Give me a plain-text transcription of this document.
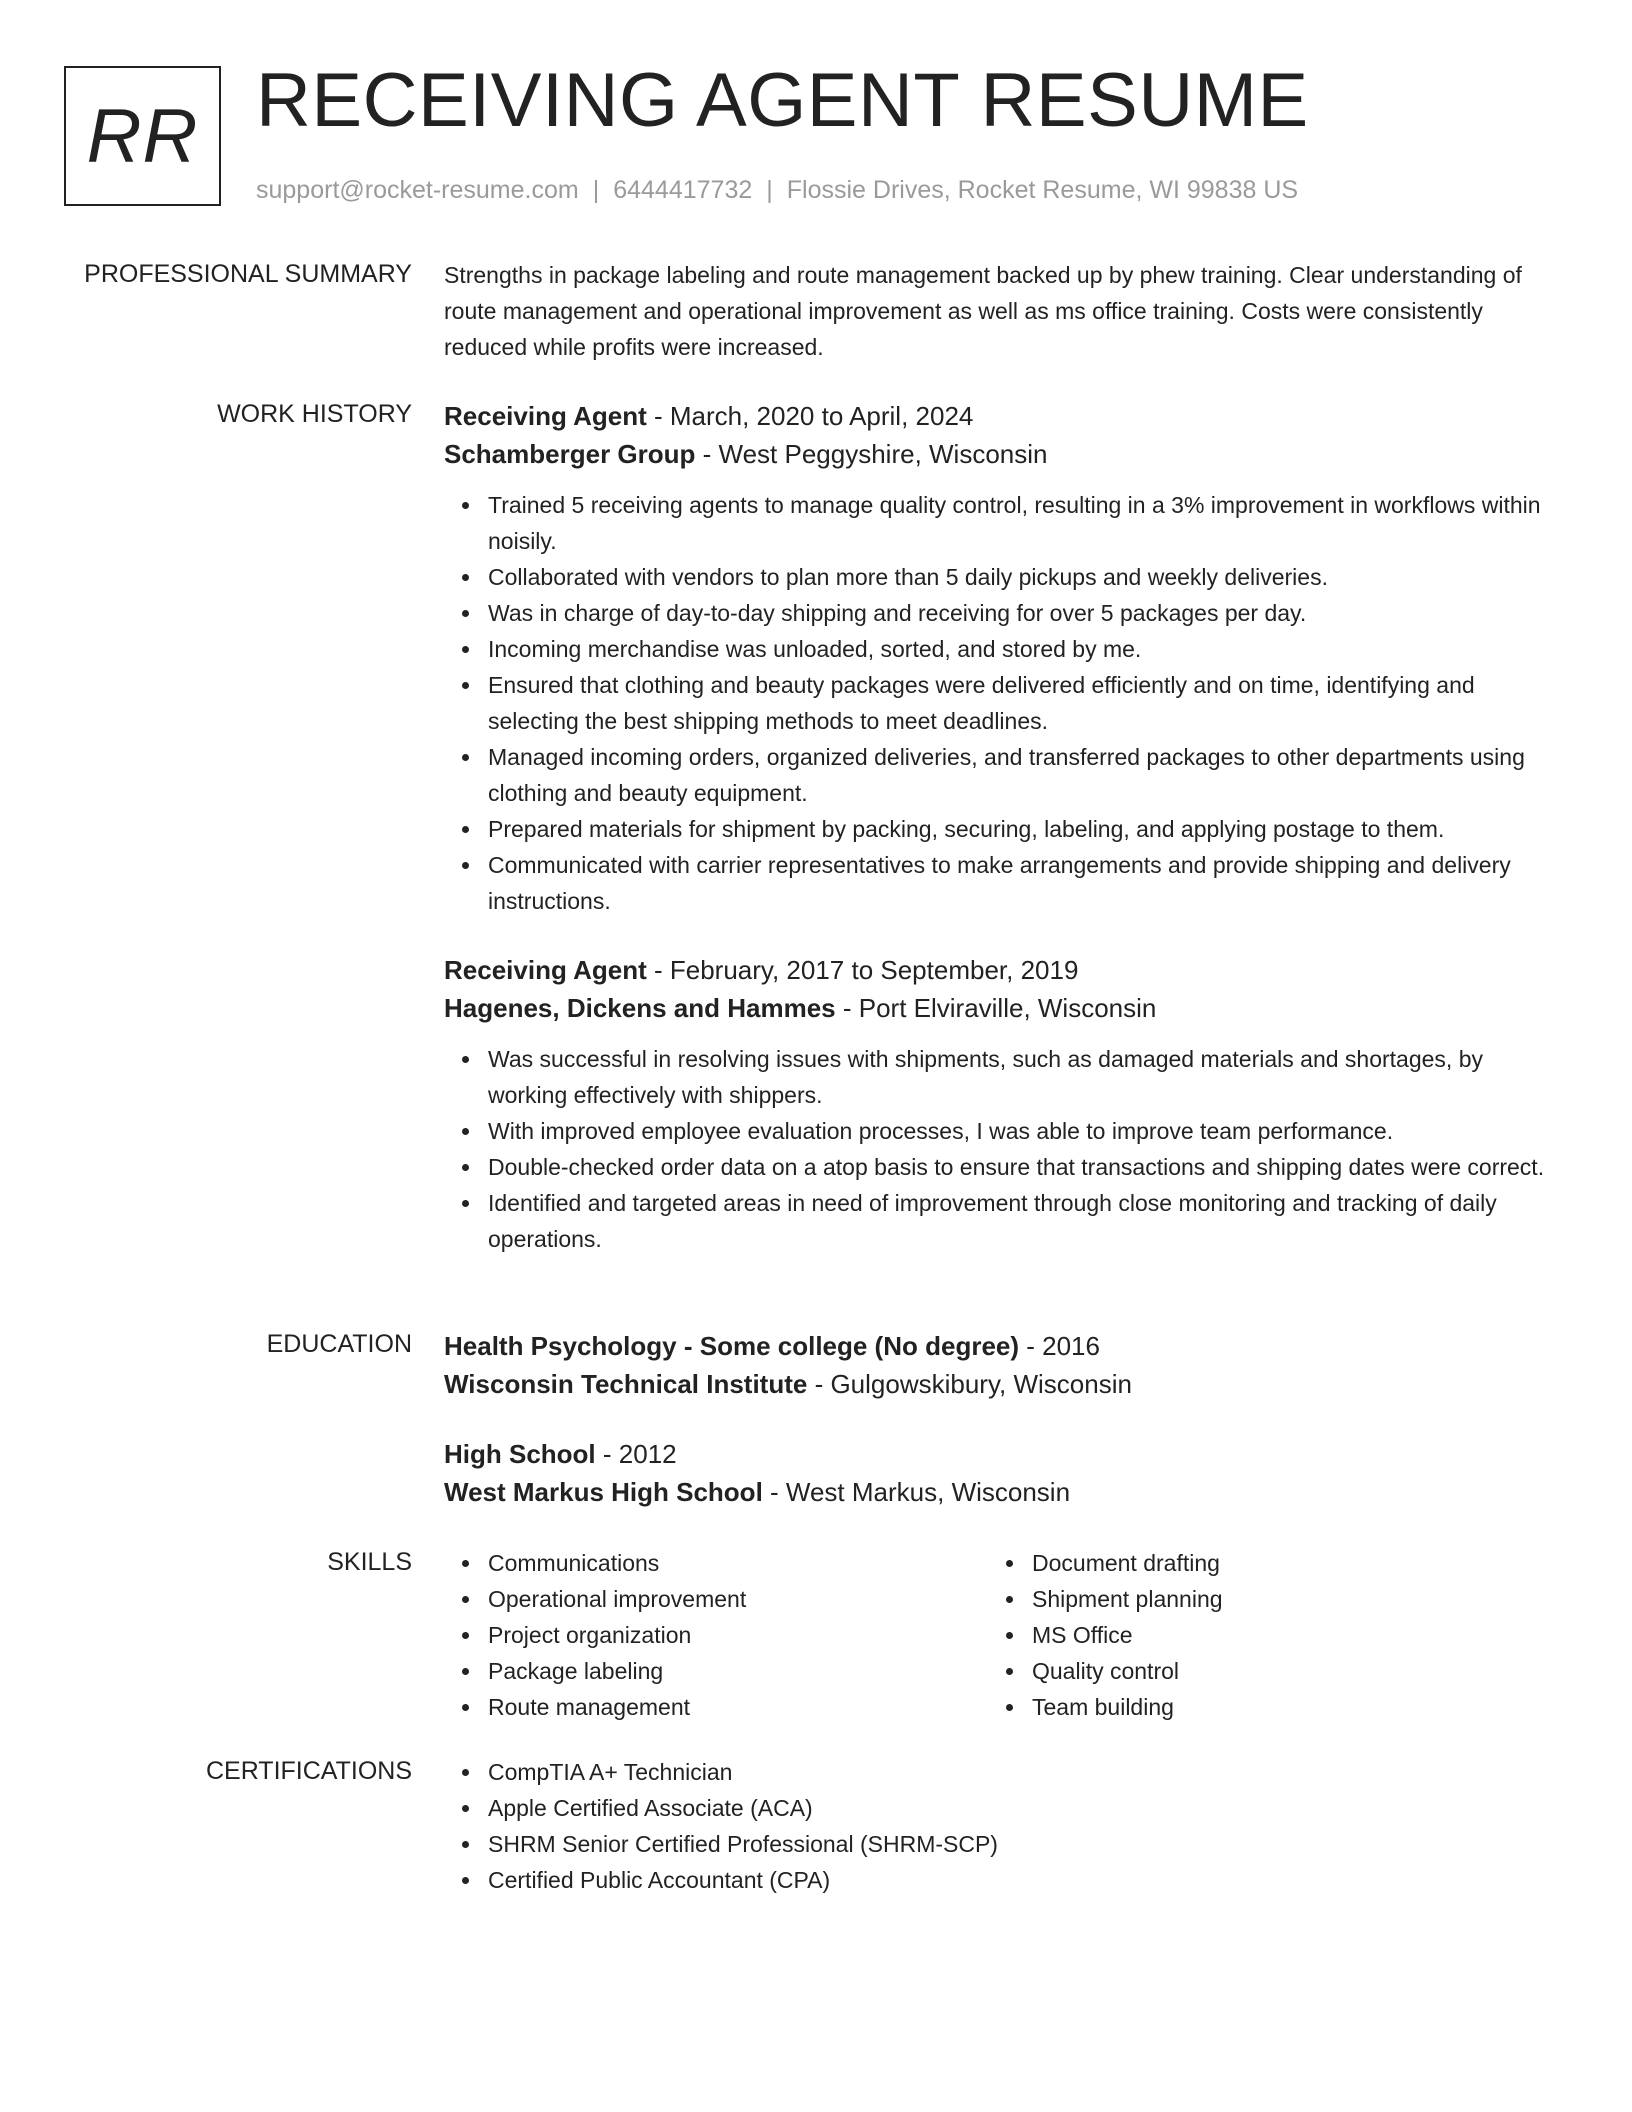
RR RECEIVING AGENT RESUME
support@rocket-resume.com | 6444417732 | Flossie Drives, Rocket Resume, WI 99838 US
PROFESSIONAL SUMMARY Strengths in package labeling and route management backed up by phew training. Clear understanding of route management and operational improvement as well as ms office training. Costs were consistently reduced while profits were increased.

WORK HISTORY Receiving Agent - March, 2020 to April, 2024
Schamberger Group - West Peggyshire, Wisconsin
Trained 5 receiving agents to manage quality control, resulting in a 3% improvement in workflows within noisily.
Collaborated with vendors to plan more than 5 daily pickups and weekly deliveries.
Was in charge of day-to-day shipping and receiving for over 5 packages per day.
Incoming merchandise was unloaded, sorted, and stored by me.
Ensured that clothing and beauty packages were delivered efficiently and on time, identifying and selecting the best shipping methods to meet deadlines.
Managed incoming orders, organized deliveries, and transferred packages to other departments using clothing and beauty equipment.
Prepared materials for shipment by packing, securing, labeling, and applying postage to them.
Communicated with carrier representatives to make arrangements and provide shipping and delivery instructions.
Receiving Agent - February, 2017 to September, 2019
Hagenes, Dickens and Hammes - Port Elviraville, Wisconsin
Was successful in resolving issues with shipments, such as damaged materials and shortages, by working effectively with shippers.
With improved employee evaluation processes, I was able to improve team performance.
Double-checked order data on a atop basis to ensure that transactions and shipping dates were correct.
Identified and targeted areas in need of improvement through close monitoring and tracking of daily operations.
EDUCATION Health Psychology - Some college (No degree) - 2016
Wisconsin Technical Institute - Gulgowskibury, Wisconsin
High School - 2012
West Markus High School - West Markus, Wisconsin
SKILLS	Communications
Operational improvement
Project organization
Package labeling
Route management
Document drafting
Shipment planning
MS Office
Quality control
Team building
CERTIFICATIONS	CompTIA A+ Technician
Apple Certified Associate (ACA)
SHRM Senior Certified Professional (SHRM-SCP)
Certified Public Accountant (CPA)
